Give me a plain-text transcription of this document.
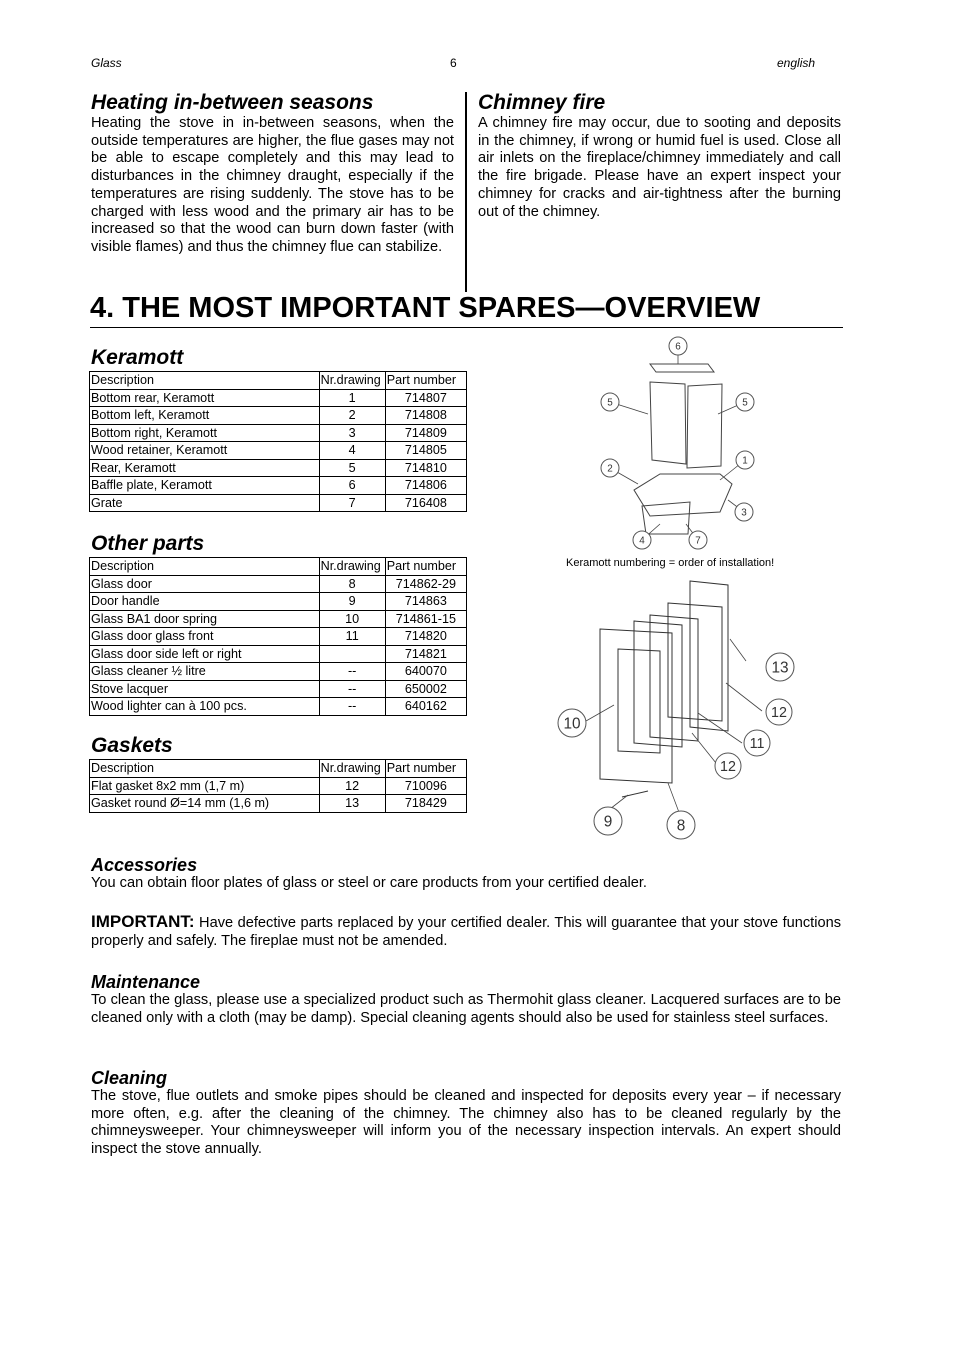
Glass	6	english
Heating in-between seasons

Heating the stove in in-between seasons, when the outside temperatures are higher, the flue gases may not be able to escape completely and this may lead to disturbances in the chimney draught, especially if the temperatures are rising suddenly. The stove has to be charged with less wood and the primary air has to be increased so that the wood can burn down faster (with visible flames) and thus the chimney flue can stabilize.

Chimney fire

A chimney fire may occur, due to sooting and deposits in the chimney, if wrong or humid fuel is used. Close all air inlets on the fireplace/chimney immediately and call the fire brigade. Please have an expert inspect your chimney for cracks and air-tightness after the burning out of the chimney.

4. THE MOST IMPORTANT SPARES—OVERVIEW
Keramott
Description	Nr.drawing	Part number
Bottom rear, Keramott	1	714807
Bottom left, Keramott	2	714808
Bottom right, Keramott	3	714809
Wood retainer, Keramott	4	714805
Rear, Keramott	5	714810
Baffle plate, Keramott	6	714806
Grate	7	716408
Other parts
Description	Nr.drawing	Part number
Glass door	8	714862-29
Door handle	9	714863
Glass BA1 door spring	10	714861-15
Glass door glass front	11	714820
Glass door side left or right		714821
Glass cleaner ½ litre	--	640070
Stove lacquer	--	650002
Wood lighter can à 100 pcs.	--	640162
Gaskets
Description	Nr.drawing	Part number
Flat gasket 8x2 mm (1,7 m)	12	710096
Gasket round Ø=14 mm (1,6 m)	13	718429
6
5	5
1
2
3
4	7
Keramott numbering = order of installation!
13
12
10
11
12
9	8
Accessories

You can obtain floor plates of glass or steel or care products from your certified dealer.

IMPORTANT: Have defective parts replaced by your certified dealer. This will guarantee that your stove functions properly and safely. The fireplae must not be amended.

Maintenance

To clean the glass, please use a specialized product such as Thermohit glass cleaner. Lacquered surfaces are to be cleaned only with a cloth (may be damp). Special cleaning agents should also be used for stainless steel surfaces.

Cleaning

The stove, flue outlets and smoke pipes should be cleaned and inspected for deposits every year – if necessary more often, e.g. after the cleaning of the chimney. The chimney also has to be cleaned regularly by the chimneysweeper. Your chimneysweeper will inform you of the necessary inspection intervals. An expert should inspect the stove annually.
